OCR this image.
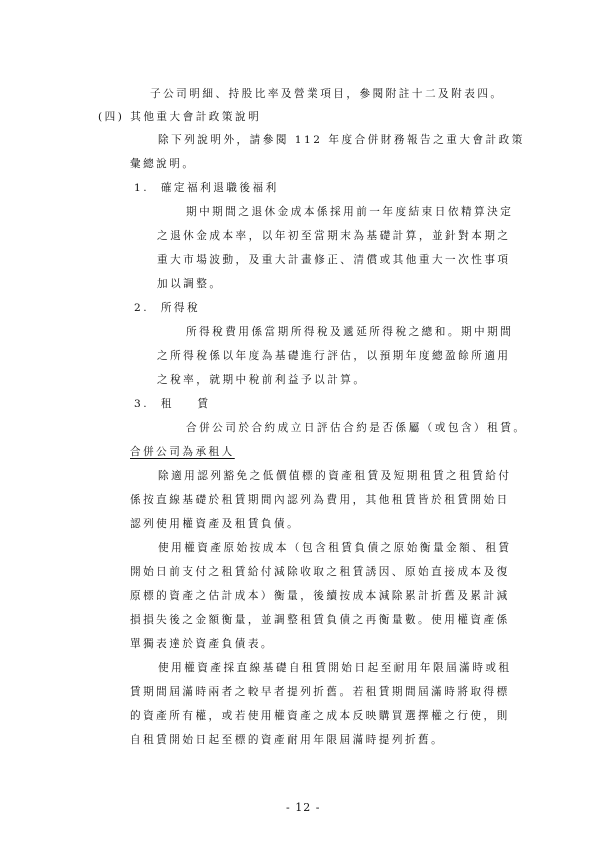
子公司明細、持股比率及營業項目，參閱附註十二及附表四。
(四) 其他重大會計政策說明
除下列說明外，請參閱 112 年度合併財務報告之重大會計政策
彙總說明。
1.  確定福利退職後福利
期中期間之退休金成本係採用前一年度結束日依精算決定
之退休金成本率，以年初至當期末為基礎計算，並針對本期之
重大市場波動，及重大計畫修正、清償或其他重大一次性事項
加以調整。
2.  所得稅
所得稅費用係當期所得稅及遞延所得稅之總和。期中期間
之所得稅係以年度為基礎進行評估，以預期年度總盈餘所適用
之稅率，就期中稅前利益予以計算。
3.  租    賃
合併公司於合約成立日評估合約是否係屬（或包含）租賃。
合併公司為承租人
除適用認列豁免之低價值標的資產租賃及短期租賃之租賃給付
係按直線基礎於租賃期間內認列為費用，其他租賃皆於租賃開始日
認列使用權資產及租賃負債。
使用權資產原始按成本（包含租賃負債之原始衡量金額、租賃
開始日前支付之租賃給付減除收取之租賃誘因、原始直接成本及復
原標的資產之估計成本）衡量，後續按成本減除累計折舊及累計減
損損失後之金額衡量，並調整租賃負債之再衡量數。使用權資產係
單獨表達於資產負債表。
使用權資產採直線基礎自租賃開始日起至耐用年限屆滿時或租
賃期間屆滿時兩者之較早者提列折舊。若租賃期間屆滿時將取得標
的資產所有權，或若使用權資產之成本反映購買選擇權之行使，則
自租賃開始日起至標的資產耐用年限屆滿時提列折舊。
- 12 -
